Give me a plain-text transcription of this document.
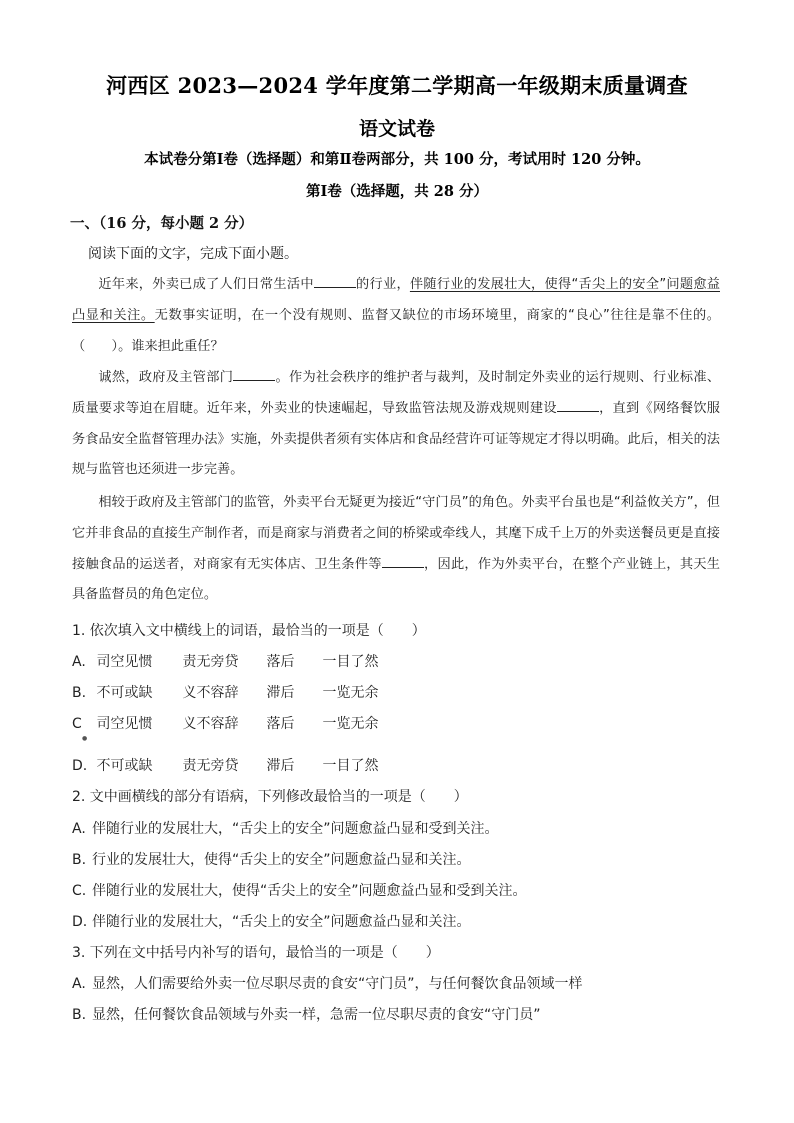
河西区 2023—2024 学年度第二学期高一年级期末质量调查
语文试卷
本试卷分第Ⅰ卷（选择题）和第Ⅱ卷两部分，共 100 分，考试用时 120 分钟。
第Ⅰ卷（选择题，共 28 分）
一、（16 分，每小题 2 分）
阅读下面的文字，完成下面小题。

近年来，外卖已成了人们日常生活中	的行业，伴随行业的发展壮大，使得“舌尖上的安全”问题愈益凸显和关注。无数事实证明，在一个没有规则、监督又缺位的市场环境里，商家的“良心”往往是靠不住的。（　　）。谁来担此重任？

诚然，政府及主管部门	。作为社会秩序的维护者与裁判，及时制定外卖业的运行规则、行业标准、质量要求等迫在眉睫。近年来，外卖业的快速崛起，导致监管法规及游戏规则建设	，直到《网络餐饮服务食品安全监督管理办法》实施，外卖提供者须有实体店和食品经营许可证等规定才得以明确。此后，相关的法规与监管也还须进一步完善。

相较于政府及主管部门的监管，外卖平台无疑更为接近“守门员”的角色。外卖平台虽也是“利益攸关方”，但它并非食品的直接生产制作者，而是商家与消费者之间的桥梁或牵线人，其麾下成千上万的外卖送餐员更是直接接触食品的运送者，对商家有无实体店、卫生条件等	，因此，作为外卖平台，在整个产业链上，其天生具备监督员的角色定位。

1. 依次填入文中横线上的词语，最恰当的一项是（　　）
A. 司空见惯 责无旁贷 落后 一目了然
B. 不可或缺 义不容辞 滞后 一览无余
C 司空见惯 义不容辞 落后 一览无余
●
D. 不可或缺 责无旁贷 滞后 一目了然
2. 文中画横线的部分有语病，下列修改最恰当的一项是（　　）
A. 伴随行业的发展壮大，“舌尖上的安全”问题愈益凸显和受到关注。
B. 行业的发展壮大，使得“舌尖上的安全”问题愈益凸显和关注。
C. 伴随行业的发展壮大，使得“舌尖上的安全”问题愈益凸显和受到关注。
D. 伴随行业的发展壮大，“舌尖上的安全”问题愈益凸显和关注。
3. 下列在文中括号内补写的语句，最恰当的一项是（　　）
A. 显然，人们需要给外卖一位尽职尽责的食安“守门员”，与任何餐饮食品领域一样
B. 显然，任何餐饮食品领域与外卖一样，急需一位尽职尽责的食安“守门员”
